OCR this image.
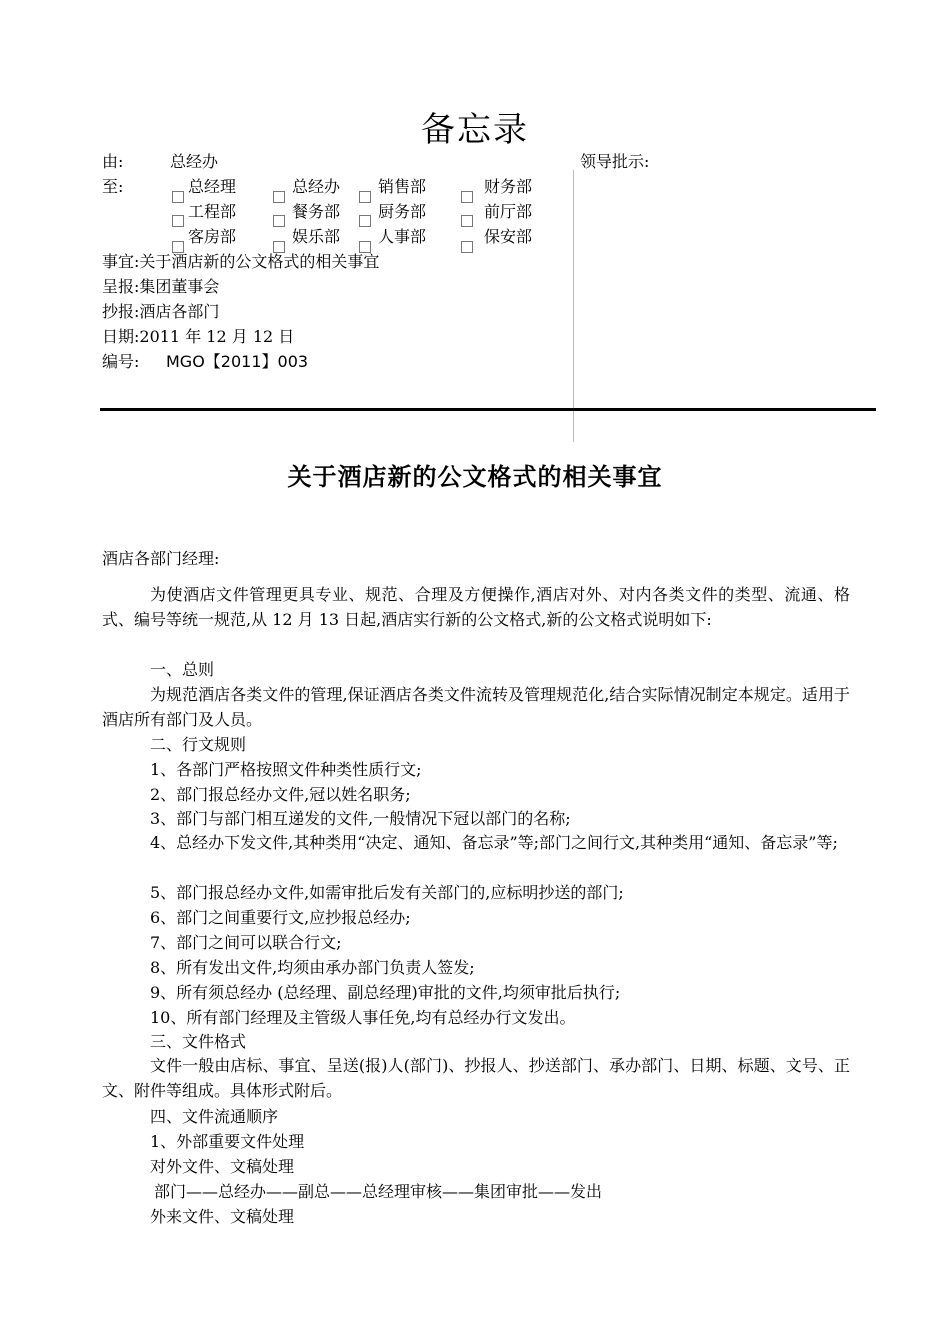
备忘录
由:	总经办	领导批示:
至:	总经理	总经办 销售部	财务部
工程部	餐务部 厨务部	前厅部
客房部	娱乐部 人事部	保安部
事宜:关于酒店新的公文格式的相关事宜
呈报:集团董事会
抄报:酒店各部门
日期:2011 年 12 月 12 日
编号: MGO【2011】003
关于酒店新的公文格式的相关事宜
酒店各部门经理:
为使酒店文件管理更具专业、规范、合理及方便操作,酒店对外、对内各类文件的类型、流通、格式、编号等统一规范,从 12 月 13 日起,酒店实行新的公文格式,新的公文格式说明如下:
一、总则
为规范酒店各类文件的管理,保证酒店各类文件流转及管理规范化,结合实际情况制定本规定。适用于酒店所有部门及人员。
二、行文规则
1、各部门严格按照文件种类性质行文;
2、部门报总经办文件,冠以姓名职务;
3、部门与部门相互递发的文件,一般情况下冠以部门的名称;
4、总经办下发文件,其种类用“决定、通知、备忘录”等;部门之间行文,其种类用“通知、备忘录”等;
5、部门报总经办文件,如需审批后发有关部门的,应标明抄送的部门;
6、部门之间重要行文,应抄报总经办;
7、部门之间可以联合行文;
8、所有发出文件,均须由承办部门负责人签发;
9、所有须总经办 (总经理、副总经理)审批的文件,均须审批后执行;
10、所有部门经理及主管级人事任免,均有总经办行文发出。
三、文件格式
文件一般由店标、事宜、呈送(报)人(部门)、抄报人、抄送部门、承办部门、日期、标题、文号、正文、附件等组成。具体形式附后。
四、文件流通顺序
1、外部重要文件处理
对外文件、文稿处理
部门——总经办——副总——总经理审核——集团审批——发出
外来文件、文稿处理
